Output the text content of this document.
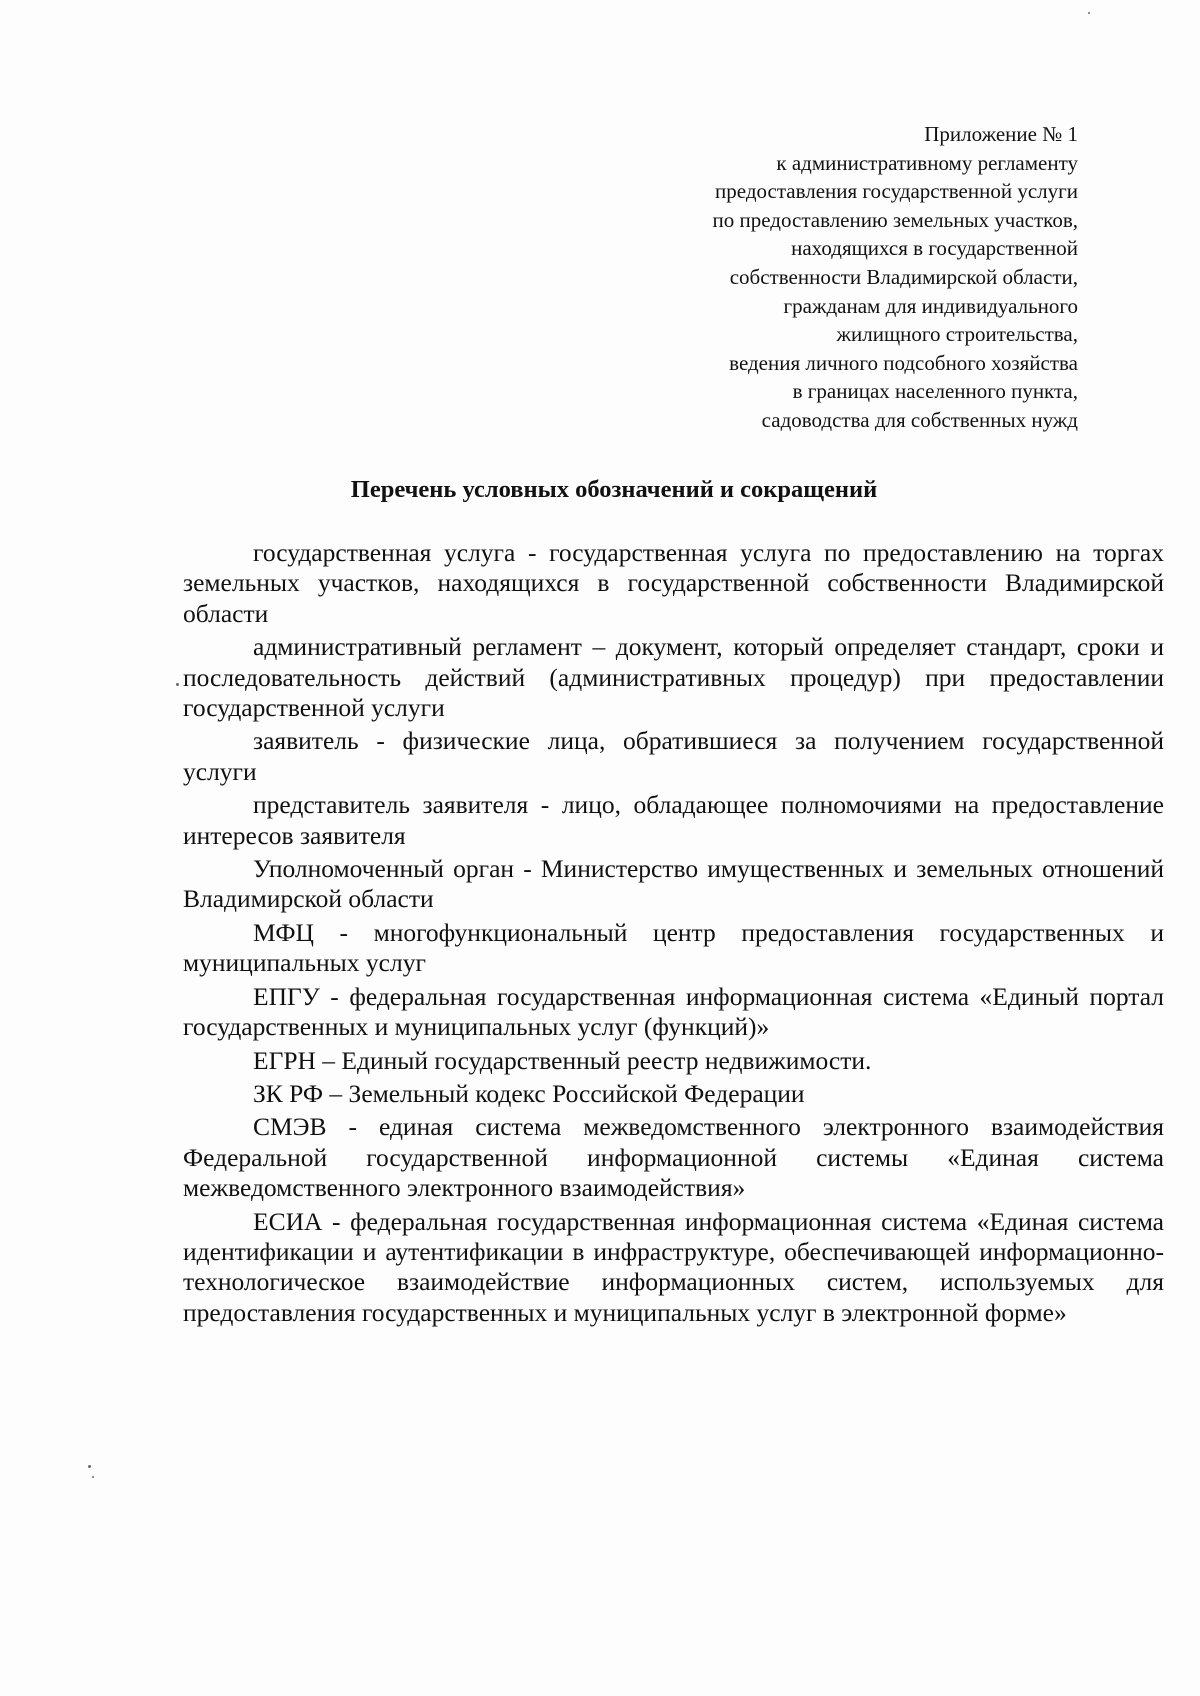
Приложение № 1
к административному регламенту
предоставления государственной услуги
по предоставлению земельных участков,
находящихся в государственной
собственности Владимирской области,
гражданам для индивидуального
жилищного строительства,
ведения личного подсобного хозяйства
в границах населенного пункта,
садоводства для собственных нужд
Перечень условных обозначений и сокращений

государственная услуга - государственная услуга по предоставлению на торгах земельных участков, находящихся в государственной собственности Владимирской области

административный регламент – документ, который определяет стандарт, сроки и последовательность действий (административных процедур) при предоставлении государственной услуги

заявитель - физические лица, обратившиеся за получением государственной услуги

представитель заявителя - лицо, обладающее полномочиями на предоставление интересов заявителя

Уполномоченный орган - Министерство имущественных и земельных отношений Владимирской области

МФЦ - многофункциональный центр предоставления государственных и муниципальных услуг

ЕПГУ - федеральная государственная информационная система «Единый портал государственных и муниципальных услуг (функций)»

ЕГРН – Единый государственный реестр недвижимости.

ЗК РФ – Земельный кодекс Российской Федерации

СМЭВ - единая система межведомственного электронного взаимодействия Федеральной государственной информационной системы «Единая система межведомственного электронного взаимодействия»

ЕСИА - федеральная государственная информационная система «Единая система идентификации и аутентификации в инфраструктуре, обеспечивающей информационно-технологическое взаимодействие информационных систем, используемых для предоставления государственных и муниципальных услуг в электронной форме»
